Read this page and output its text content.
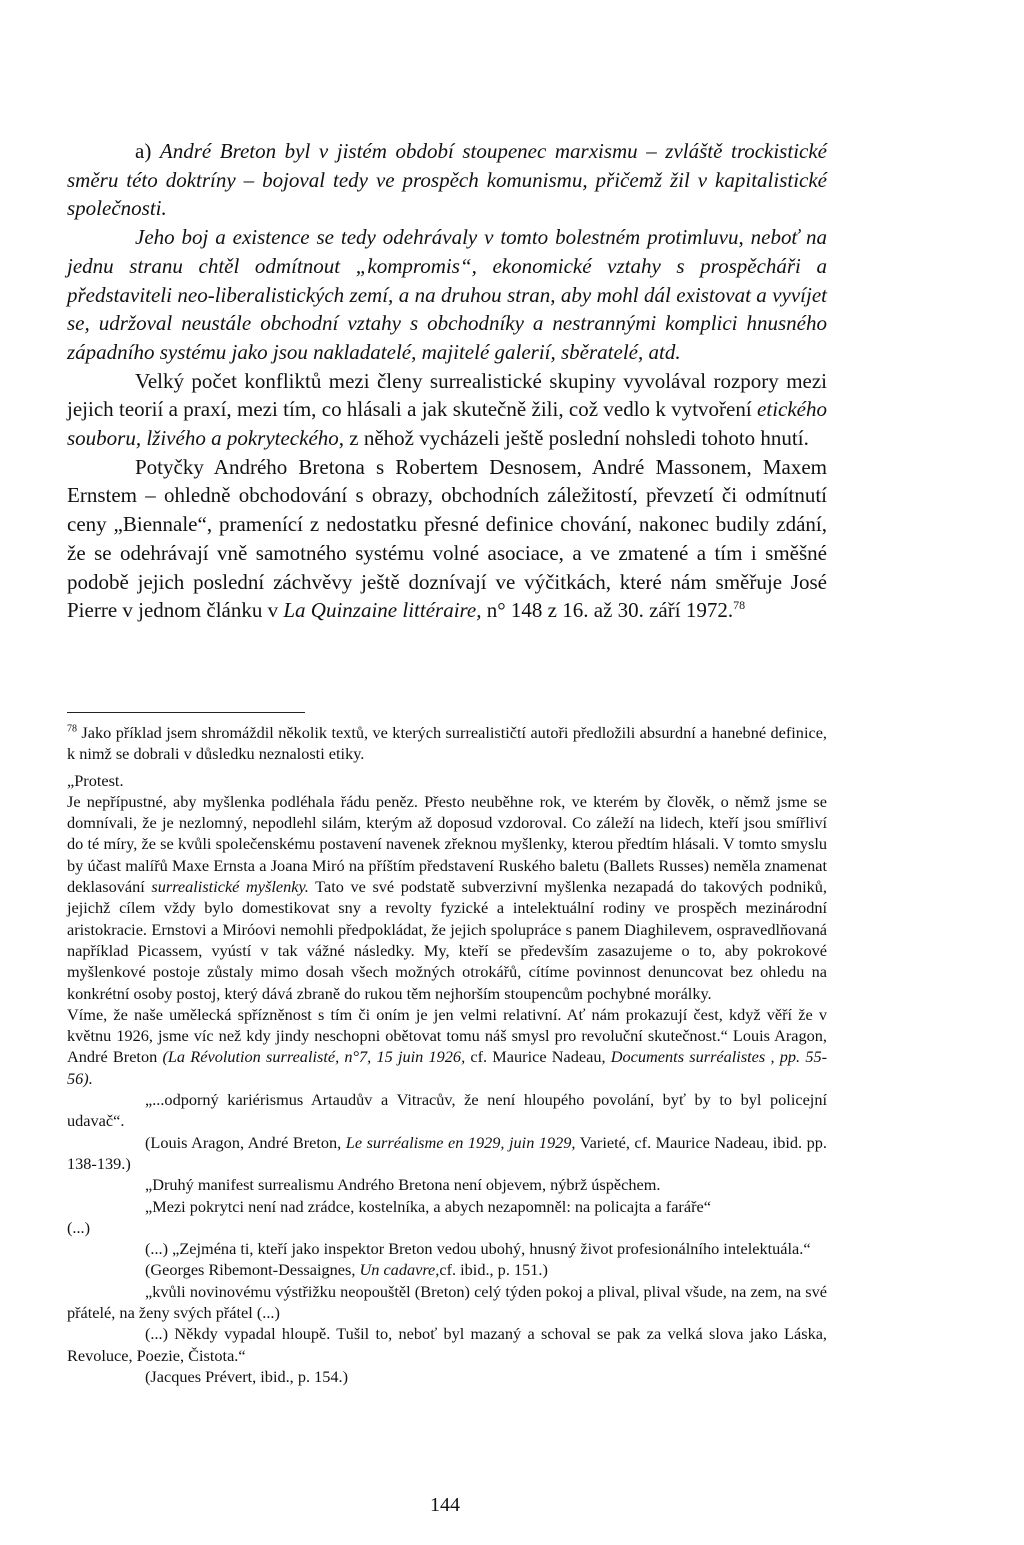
a) André Breton byl v jistém období stoupenec marxismu – zvláště trockistické směru této doktríny – bojoval tedy ve prospěch komunismu, přičemž žil v kapitalistické společnosti.

Jeho boj a existence se tedy odehrávaly v tomto bolestném protimluvu, neboť na jednu stranu chtěl odmítnout „kompromis“, ekonomické vztahy s prospěcháři a představiteli neo-liberalistických zemí, a na druhou stran, aby mohl dál existovat a vyvíjet se, udržoval neustále obchodní vztahy s obchodníky a nestrannými komplici hnusného západního systému jako jsou nakladatelé, majitelé galerií, sběratelé, atd.

Velký počet konfliktů mezi členy surrealistické skupiny vyvolával rozpory mezi jejich teorií a praxí, mezi tím, co hlásali a jak skutečně žili, což vedlo k vytvoření etického souboru, lživého a pokryteckého, z něhož vycházeli ještě poslední nohsledi tohoto hnutí.

Potyčky Andrého Bretona s Robertem Desnosem, André Massonem, Maxem Ernstem – ohledně obchodování s obrazy, obchodních záležitostí, převzetí či odmítnutí ceny „Biennale“, pramenící z nedostatku přesné definice chování, nakonec budily zdání, že se odehrávají vně samotného systému volné asociace, a ve zmatené a tím i směšné podobě jejich poslední záchvěvy ještě doznívají ve výčitkách, které nám směřuje José Pierre v jednom článku v La Quinzaine littéraire, n° 148 z 16. až 30. září 1972.78

$^{78}$ Jako příklad jsem shromáždil několik textů, ve kterých surrealističtí autoři předložili absurdní a hanebné definice, k nimž se dobrali v důsledku neznalosti etiky.

„Protest.

Je nepřípustné, aby myšlenka podléhala řádu peněz. Přesto neuběhne rok, ve kterém by člověk, o němž jsme se domnívali, že je nezlomný, nepodlehl silám, kterým až doposud vzdoroval. Co záleží na lidech, kteří jsou smířliví do té míry, že se kvůli společenskému postavení navenek zřeknou myšlenky, kterou předtím hlásali. V tomto smyslu by účast malířů Maxe Ernsta a Joana Miró na příštím představení Ruského baletu (Ballets Russes) neměla znamenat deklasování surrealistické myšlenky. Tato ve své podstatě subverzivní myšlenka nezapadá do takových podniků, jejichž cílem vždy bylo domestikovat sny a revolty fyzické a intelektuální rodiny ve prospěch mezinárodní aristokracie. Ernstovi a Miróovi nemohli předpokládat, že jejich spolupráce s panem Diaghilevem, ospravedlňovaná například Picassem, vyústí v tak vážné následky. My, kteří se především zasazujeme o to, aby pokrokové myšlenkové postoje zůstaly mimo dosah všech možných otrokářů, cítíme povinnost denuncovat bez ohledu na konkrétní osoby postoj, který dává zbraně do rukou těm nejhorším stoupencům pochybné morálky.

Víme, že naše umělecká spřízněnost s tím či oním je jen velmi relativní. Ať nám prokazují čest, když věří že v květnu 1926, jsme víc než kdy jindy neschopni obětovat tomu náš smysl pro revoluční skutečnost.“ Louis Aragon, André Breton (La Révolution surrealisté, n°7, 15 juin 1926, cf. Maurice Nadeau, Documents surréalistes , pp. 55-56).

„...odporný kariérismus Artaudův a Vitracův, že není hloupého povolání, byť by to byl policejní udavač“.

(Louis Aragon, André Breton, Le surréalisme en 1929, juin 1929, Varieté, cf. Maurice Nadeau, ibid. pp. 138-139.)

„Druhý manifest surrealismu Andrého Bretona není objevem, nýbrž úspěchem.

„Mezi pokrytci není nad zrádce, kostelníka, a abych nezapomněl: na policajta a faráře“

(...)

(...) „Zejména ti, kteří jako inspektor Breton vedou ubohý, hnusný život profesionálního intelektuála.“

(Georges Ribemont-Dessaignes, Un cadavre,cf. ibid., p. 151.)

„kvůli novinovému výstřižku neopouštěl (Breton) celý týden pokoj a plival, plival všude, na zem, na své přátelé, na ženy svých přátel (...)

(...) Někdy vypadal hloupě. Tušil to, neboť byl mazaný a schoval se pak za velká slova jako Láska, Revoluce, Poezie, Čistota.“

(Jacques Prévert, ibid., p. 154.)

144
